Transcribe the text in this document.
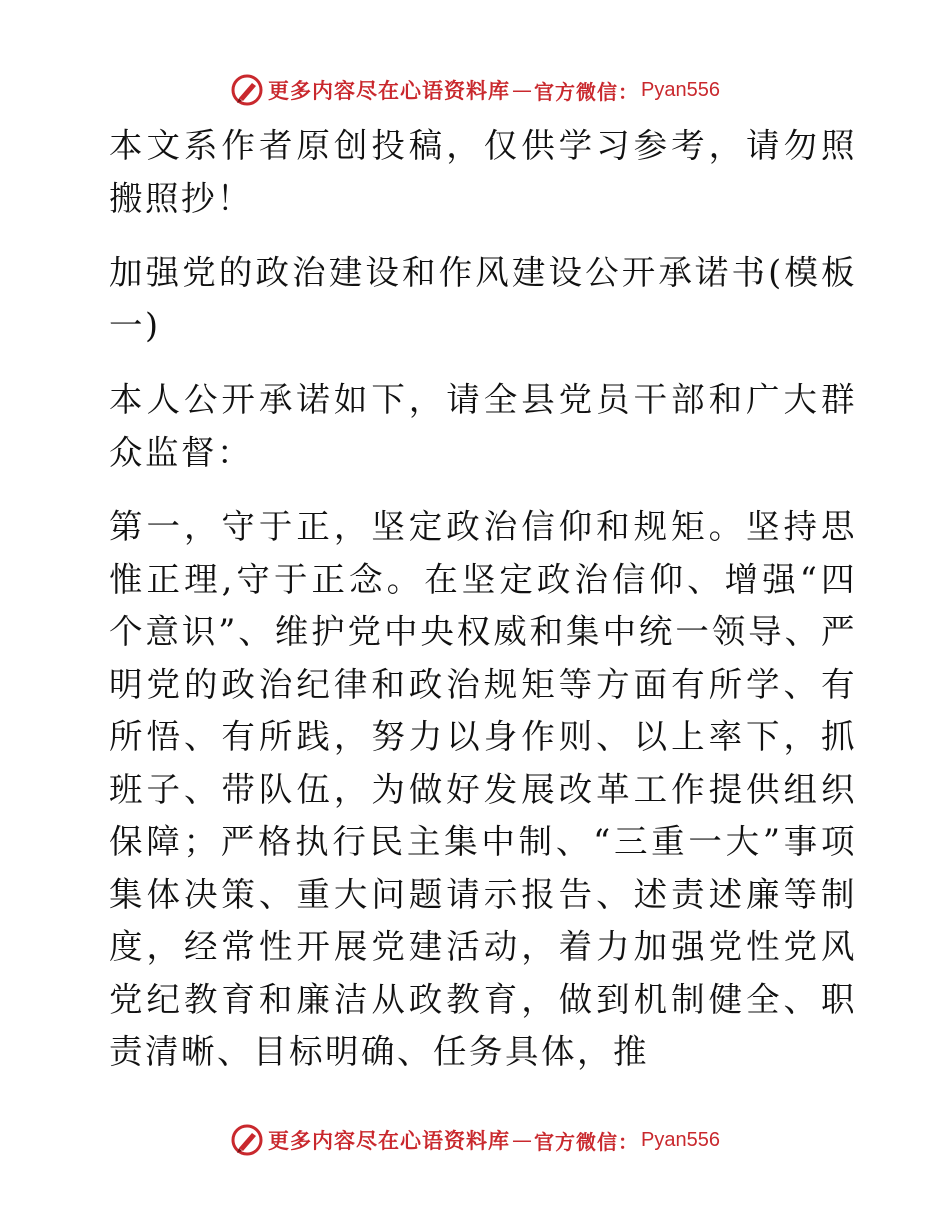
更多内容尽在心语资料库 — 官方微信： Pyan556

本文系作者原创投稿，仅供学习参考，请勿照搬照抄！

加强党的政治建设和作风建设公开承诺书(模板一)

本人公开承诺如下，请全县党员干部和广大群众监督：

第一，守于正，坚定政治信仰和规矩。坚持思惟正理,守于正念。在坚定政治信仰、增强“四个意识”、维护党中央权威和集中统一领导、严明党的政治纪律和政治规矩等方面有所学、有所悟、有所践，努力以身作则、以上率下，抓班子、带队伍，为做好发展改革工作提供组织保障；严格执行民主集中制、“三重一大”事项集体决策、重大问题请示报告、述责述廉等制度，经常性开展党建活动，着力加强党性党风党纪教育和廉洁从政教育，做到机制健全、职责清晰、目标明确、任务具体，推

更多内容尽在心语资料库 — 官方微信： Pyan556
